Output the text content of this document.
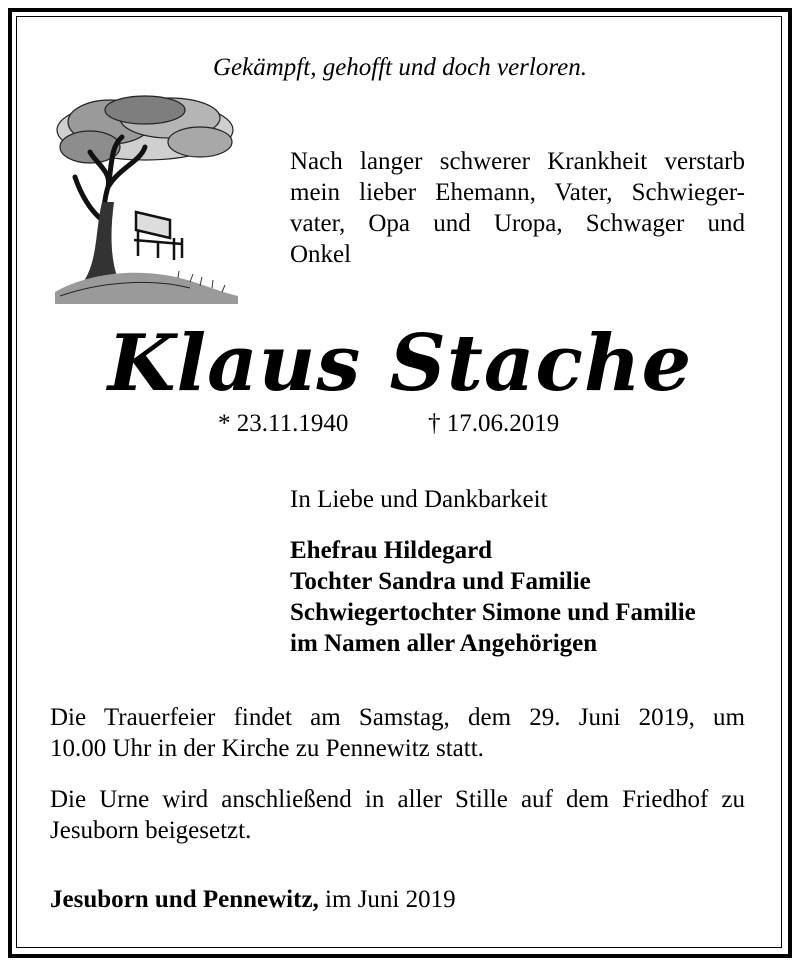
Gekämpft, gehofft und doch verloren.
Nach langer schwerer Krankheit verstarb
mein lieber Ehemann, Vater, Schwieger-
vater, Opa und Uropa, Schwager und
Onkel
Klaus Stache
* 23.11.1940	† 17.06.2019
In Liebe und Dankbarkeit
Ehefrau Hildegard
Tochter Sandra und Familie
Schwiegertochter Simone und Familie
im Namen aller Angehörigen
Die Trauerfeier findet am Samstag, dem 29. Juni 2019, um
10.00 Uhr in der Kirche zu Pennewitz statt.
Die Urne wird anschließend in aller Stille auf dem Friedhof zu
Jesuborn beigesetzt.
Jesuborn und Pennewitz, im Juni 2019
